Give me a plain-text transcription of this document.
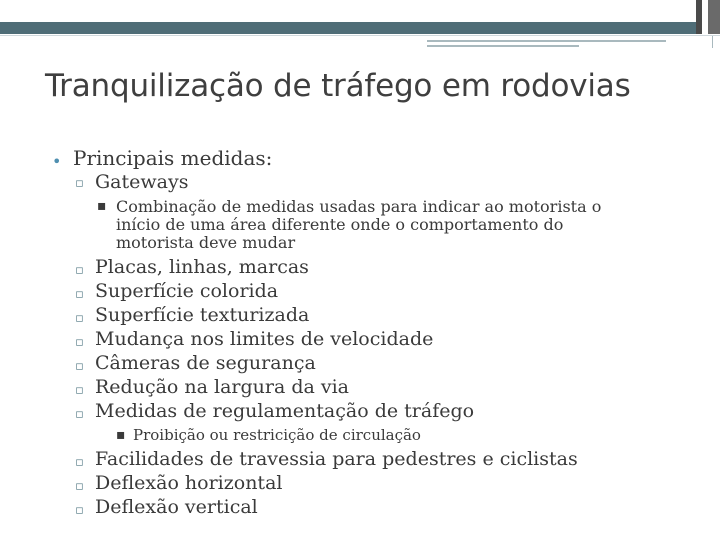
Tranquilização de tráfego em rodovias
• Principais medidas:
▫ Gateways
▪ Combinação de medidas usadas para indicar ao motorista o
início de uma área diferente onde o comportamento do
motorista deve mudar
▫ Placas, linhas, marcas
▫ Superfície colorida
▫ Superfície texturizada
▫ Mudança nos limites de velocidade
▫ Câmeras de segurança
▫ Redução na largura da via
▫ Medidas de regulamentação de tráfego
▪ Proibição ou restricição de circulação
▫ Facilidades de travessia para pedestres e ciclistas
▫ Deflexão horizontal
▫ Deflexão vertical
